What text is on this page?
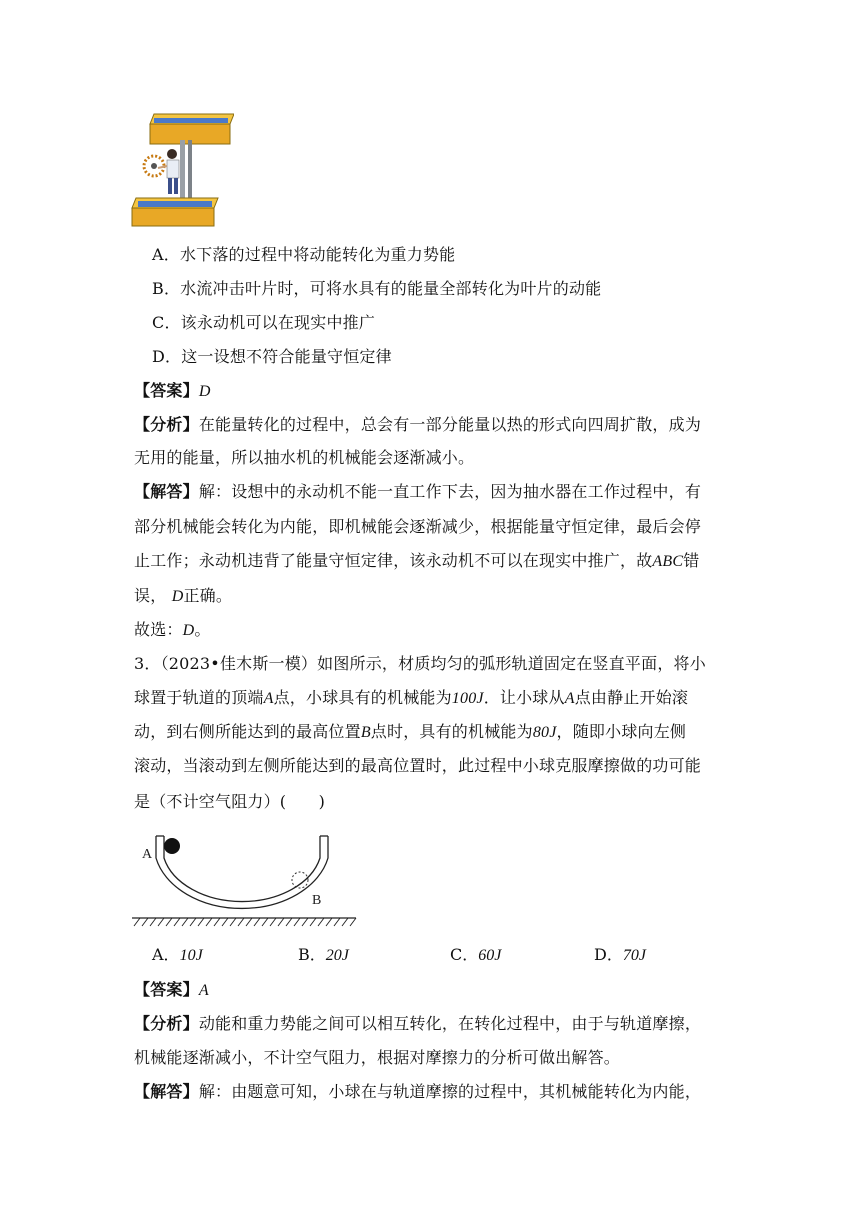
A．水下落的过程中将动能转化为重力势能
B．水流冲击叶片时，可将水具有的能量全部转化为叶片的动能
C．该永动机可以在现实中推广
D．这一设想不符合能量守恒定律
【答案】D
【分析】在能量转化的过程中，总会有一部分能量以热的形式向四周扩散，成为
无用的能量，所以抽水机的机械能会逐渐减小。
【解答】解：设想中的永动机不能一直工作下去，因为抽水器在工作过程中，有
部分机械能会转化为内能，即机械能会逐渐减少，根据能量守恒定律，最后会停
止工作；永动机违背了能量守恒定律，该永动机不可以在现实中推广，故ABC错
误， D正确。
故选：D。
3．（2023•佳木斯一模）如图所示，材质均匀的弧形轨道固定在竖直平面，将小
球置于轨道的顶端A点，小球具有的机械能为100J．让小球从A点由静止开始滚
动，到右侧所能达到的最高位置B点时，具有的机械能为80J，随即小球向左侧
滚动，当滚动到左侧所能达到的最高位置时，此过程中小球克服摩擦做的功可能
是（不计空气阻力）(　　)
A
B
A．10J	B．20J	C．60J	D．70J
【答案】A
【分析】动能和重力势能之间可以相互转化，在转化过程中，由于与轨道摩擦，
机械能逐渐减小，不计空气阻力，根据对摩擦力的分析可做出解答。
【解答】解：由题意可知，小球在与轨道摩擦的过程中，其机械能转化为内能，
